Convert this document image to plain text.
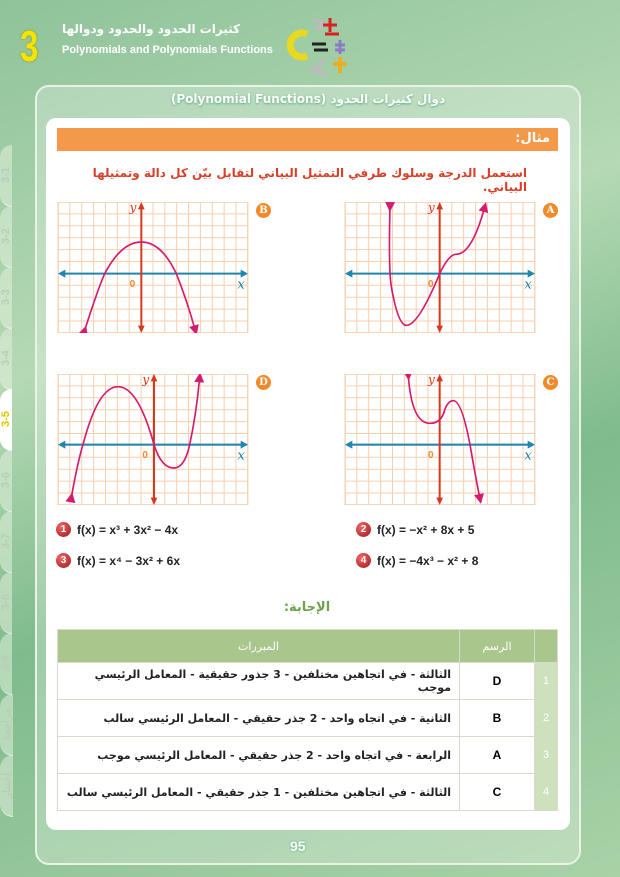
3 كثيرات الحدود والحدود ودوالها
Polynomials and Polynomials Functions
3-1
3-2
3-3
3-4
3-5
3-6
3-7
3-8
3-9
مراجعة
اختبار
دوال كثيرات الحدود (Polynomial Functions)
مثال:
استعمل الدرجة وسلوك طرفي التمثيل البياني لتقابل بيّن كل دالة وتمثيلها البياني.
y
x
0
y
x
0
y
x
0
y
x
0
B	A
D	C
1 f(x) = x³ + 3x² − 4x	2 f(x) = −x² + 8x + 5
3 f(x) = x⁴ − 3x² + 6x	4 f(x) = −4x³ − x² + 8
الإجابة:
	الرسم	المبررات
1	D	الثالثة - في اتجاهين مختلفين - 3 جذور حقيقية - المعامل الرئيسي موجب
2	B	الثانية - في اتجاه واحد - 2 جذر حقيقي - المعامل الرئيسي سالب
3	A	الرابعة - في اتجاه واحد - 2 جذر حقيقي - المعامل الرئيسي موجب
4	C	الثالثة - في اتجاهين مختلفين - 1 جذر حقيقي - المعامل الرئيسي سالب
95
